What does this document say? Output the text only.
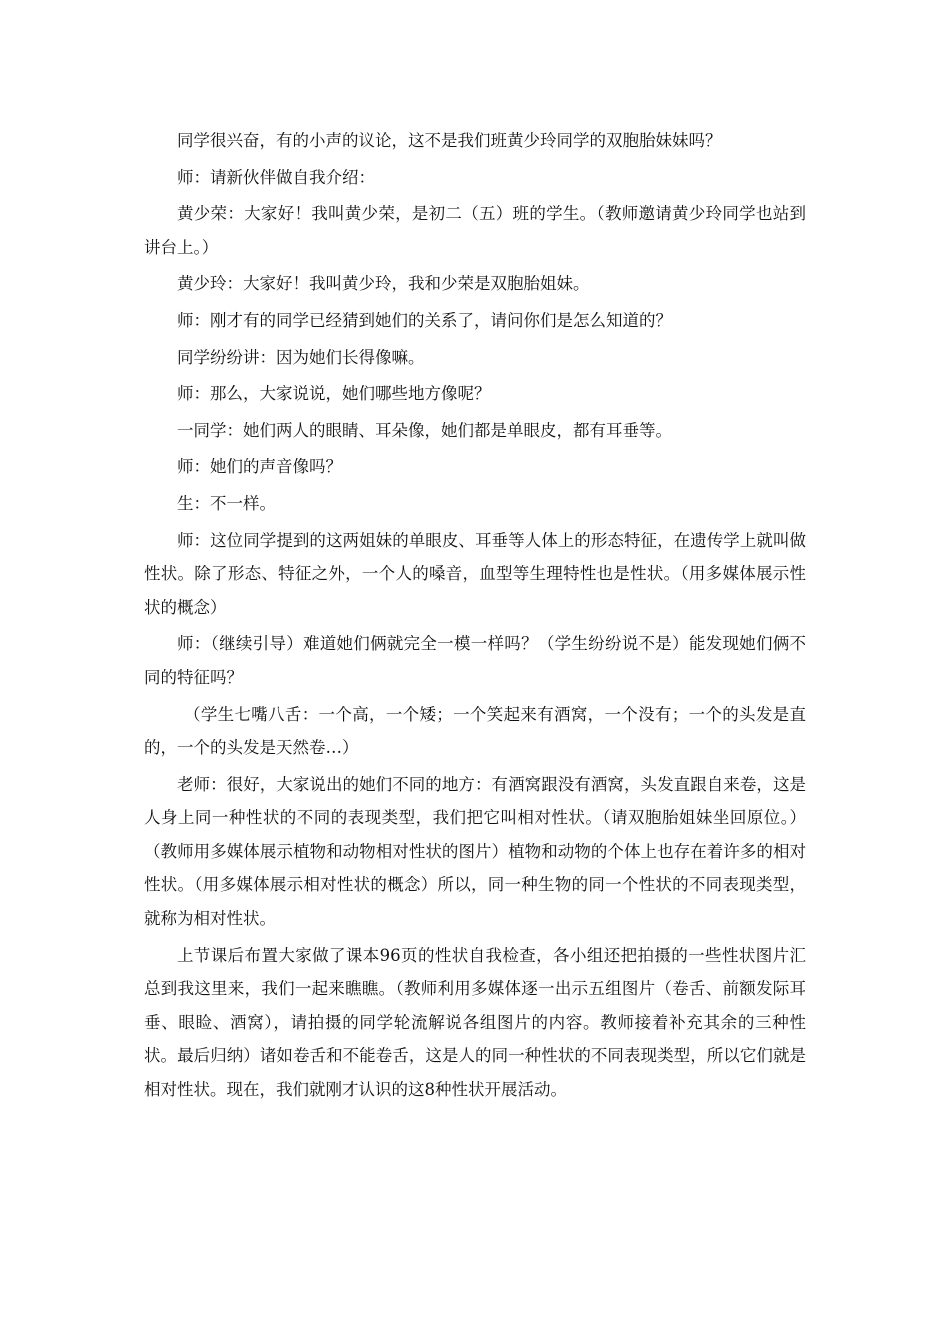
同学很兴奋，有的小声的议论，这不是我们班黄少玲同学的双胞胎妹妹吗？

师：请新伙伴做自我介绍：

黄少荣：大家好！我叫黄少荣，是初二（五）班的学生。（教师邀请黄少玲同学也站到讲台上。）

黄少玲：大家好！我叫黄少玲，我和少荣是双胞胎姐妹。

师：刚才有的同学已经猜到她们的关系了，请问你们是怎么知道的？

同学纷纷讲：因为她们长得像嘛。

师：那么，大家说说，她们哪些地方像呢？

一同学：她们两人的眼睛、耳朵像，她们都是单眼皮，都有耳垂等。

师：她们的声音像吗？

生：不一样。

师：这位同学提到的这两姐妹的单眼皮、耳垂等人体上的形态特征，在遗传学上就叫做性状。除了形态、特征之外，一个人的嗓音，血型等生理特性也是性状。（用多媒体展示性状的概念）

师：（继续引导）难道她们俩就完全一模一样吗？（学生纷纷说不是）能发现她们俩不同的特征吗？

（学生七嘴八舌：一个高，一个矮；一个笑起来有酒窝，一个没有；一个的头发是直的，一个的头发是天然卷…）

老师：很好，大家说出的她们不同的地方：有酒窝跟没有酒窝，头发直跟自来卷，这是人身上同一种性状的不同的表现类型，我们把它叫相对性状。（请双胞胎姐妹坐回原位。）（教师用多媒体展示植物和动物相对性状的图片）植物和动物的个体上也存在着许多的相对性状。（用多媒体展示相对性状的概念）所以，同一种生物的同一个性状的不同表现类型，就称为相对性状。

上节课后布置大家做了课本96页的性状自我检查，各小组还把拍摄的一些性状图片汇总到我这里来，我们一起来瞧瞧。（教师利用多媒体逐一出示五组图片（卷舌、前额发际耳垂、眼睑、酒窝），请拍摄的同学轮流解说各组图片的内容。教师接着补充其余的三种性状。最后归纳）诸如卷舌和不能卷舌，这是人的同一种性状的不同表现类型，所以它们就是相对性状。现在，我们就刚才认识的这8种性状开展活动。
